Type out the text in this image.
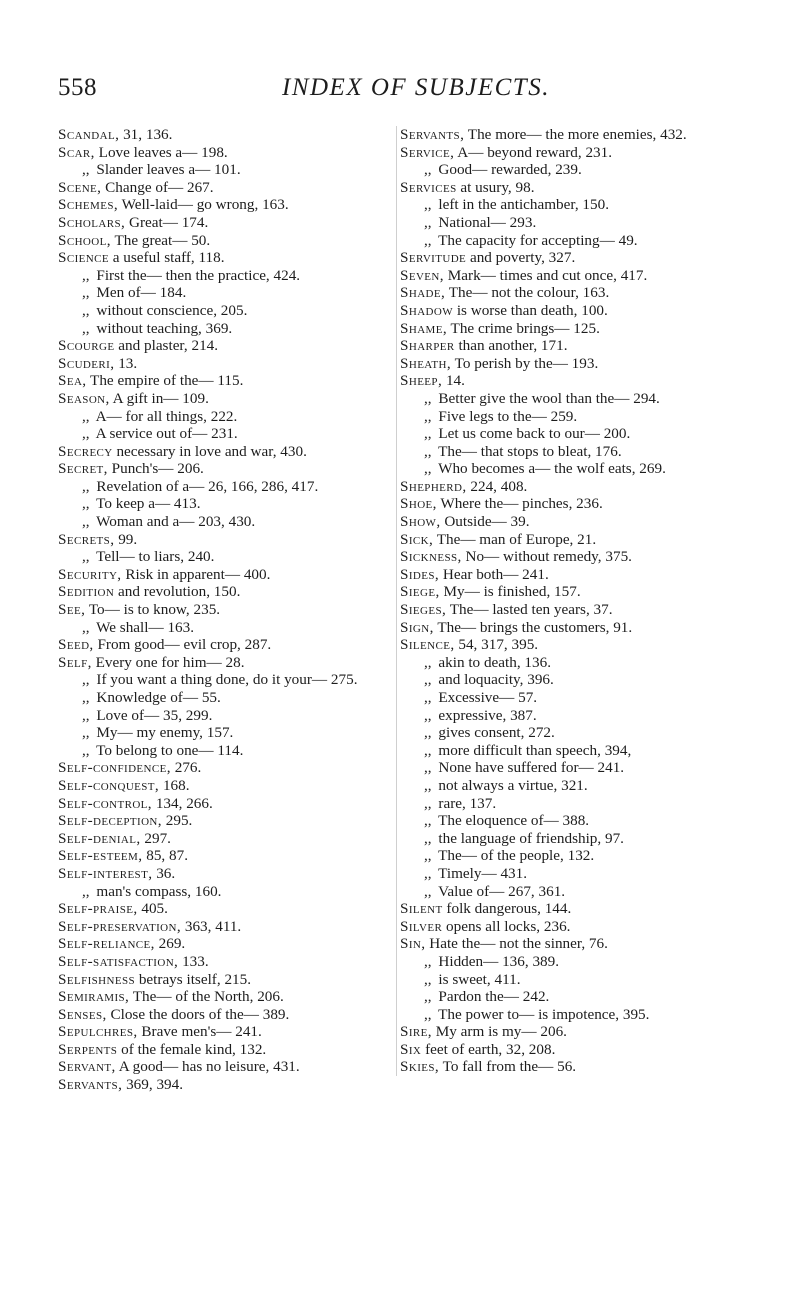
558	INDEX OF SUBJECTS.
Scandal, 31, 136.
Scar, Love leaves a— 198.
,, Slander leaves a— 101.
Scene, Change of— 267.
Schemes, Well-laid— go wrong, 163.
Scholars, Great— 174.
School, The great— 50.
Science a useful staff, 118.
,, First the— then the practice, 424.
,, Men of— 184.
,, without conscience, 205.
,, without teaching, 369.
Scourge and plaster, 214.
Scuderi, 13.
Sea, The empire of the— 115.
Season, A gift in— 109.
,, A— for all things, 222.
,, A service out of— 231.
Secrecy necessary in love and war, 430.
Secret, Punch's— 206.
,, Revelation of a— 26, 166, 286, 417.
,, To keep a— 413.
,, Woman and a— 203, 430.
Secrets, 99.
,, Tell— to liars, 240.
Security, Risk in apparent— 400.
Sedition and revolution, 150.
See, To— is to know, 235.
,, We shall— 163.
Seed, From good— evil crop, 287.
Self, Every one for him— 28.
,, If you want a thing done, do it your— 275.
,, Knowledge of— 55.
,, Love of— 35, 299.
,, My— my enemy, 157.
,, To belong to one— 114.
Self-confidence, 276.
Self-conquest, 168.
Self-control, 134, 266.
Self-deception, 295.
Self-denial, 297.
Self-esteem, 85, 87.
Self-interest, 36.
,, man's compass, 160.
Self-praise, 405.
Self-preservation, 363, 411.
Self-reliance, 269.
Self-satisfaction, 133.
Selfishness betrays itself, 215.
Semiramis, The— of the North, 206.
Senses, Close the doors of the— 389.
Sepulchres, Brave men's— 241.
Serpents of the female kind, 132.
Servant, A good— has no leisure, 431.
Servants, 369, 394.
Servants, The more— the more enemies, 432.
Service, A— beyond reward, 231.
,, Good— rewarded, 239.
Services at usury, 98.
,, left in the antichamber, 150.
,, National— 293.
,, The capacity for accepting— 49.
Servitude and poverty, 327.
Seven, Mark— times and cut once, 417.
Shade, The— not the colour, 163.
Shadow is worse than death, 100.
Shame, The crime brings— 125.
Sharper than another, 171.
Sheath, To perish by the— 193.
Sheep, 14.
,, Better give the wool than the— 294.
,, Five legs to the— 259.
,, Let us come back to our— 200.
,, The— that stops to bleat, 176.
,, Who becomes a— the wolf eats, 269.
Shepherd, 224, 408.
Shoe, Where the— pinches, 236.
Show, Outside— 39.
Sick, The— man of Europe, 21.
Sickness, No— without remedy, 375.
Sides, Hear both— 241.
Siege, My— is finished, 157.
Sieges, The— lasted ten years, 37.
Sign, The— brings the customers, 91.
Silence, 54, 317, 395.
,, akin to death, 136.
,, and loquacity, 396.
,, Excessive— 57.
,, expressive, 387.
,, gives consent, 272.
,, more difficult than speech, 394,
,, None have suffered for— 241.
,, not always a virtue, 321.
,, rare, 137.
,, The eloquence of— 388.
,, the language of friendship, 97.
,, The— of the people, 132.
,, Timely— 431.
,, Value of— 267, 361.
Silent folk dangerous, 144.
Silver opens all locks, 236.
Sin, Hate the— not the sinner, 76.
,, Hidden— 136, 389.
,, is sweet, 411.
,, Pardon the— 242.
,, The power to— is impotence, 395.
Sire, My arm is my— 206.
Six feet of earth, 32, 208.
Skies, To fall from the— 56.
